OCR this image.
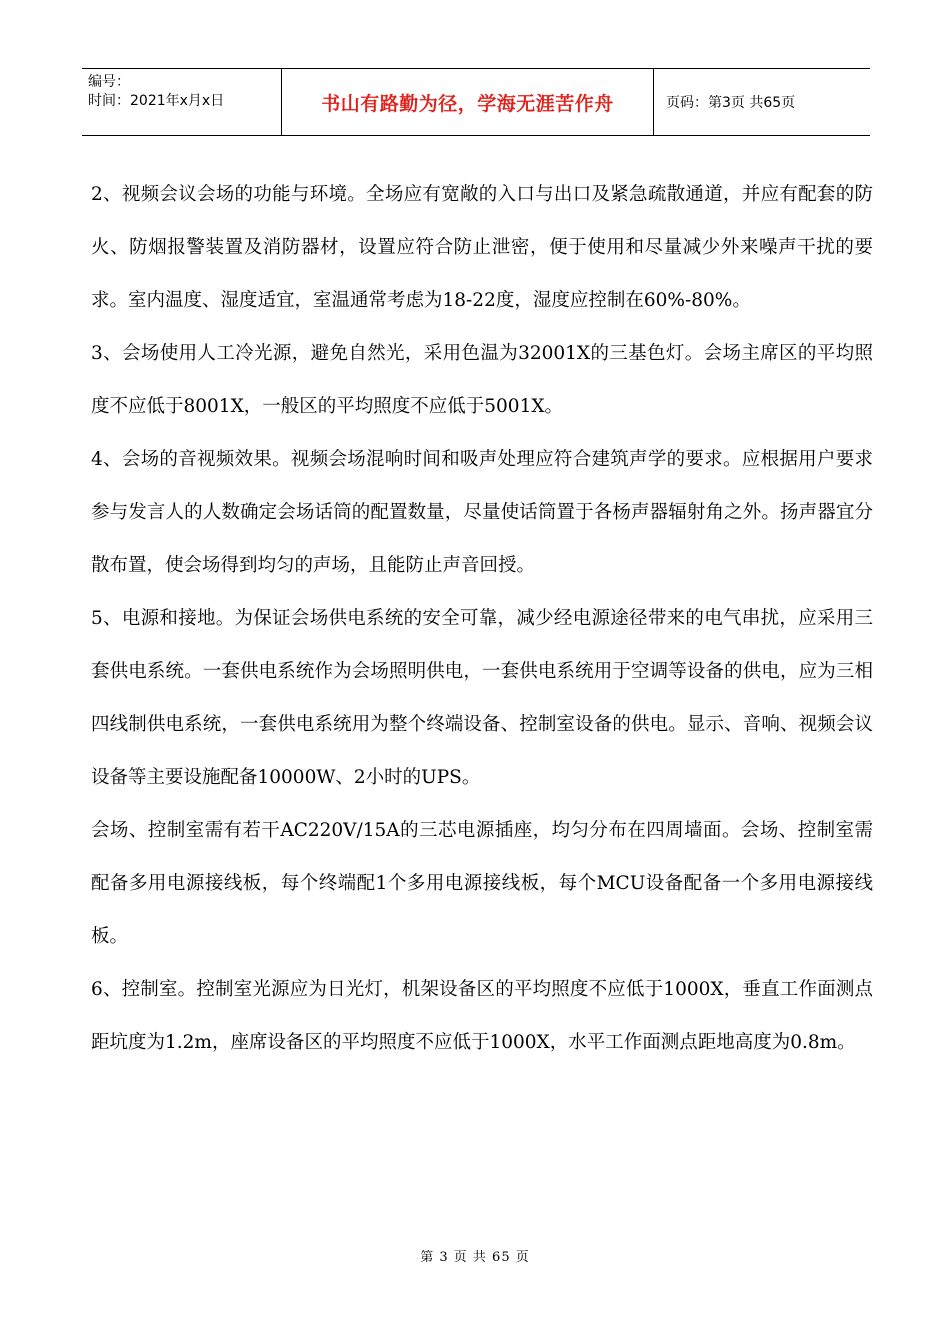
编号：
时间：2021年x月x日	书山有路勤为径，学海无涯苦作舟	页码：第3页 共65页

2、视频会议会场的功能与环境。全场应有宽敞的入口与出口及紧急疏散通道，并应有配套的防火、防烟报警装置及消防器材，设置应符合防止泄密，便于使用和尽量减少外来噪声干扰的要求。室内温度、湿度适宜，室温通常考虑为18-22度，湿度应控制在60%-80%。

3、会场使用人工冷光源，避免自然光，采用色温为32001X的三基色灯。会场主席区的平均照度不应低于8001X，一般区的平均照度不应低于5001X。

4、会场的音视频效果。视频会场混响时间和吸声处理应符合建筑声学的要求。应根据用户要求参与发言人的人数确定会场话筒的配置数量，尽量使话筒置于各杨声器辐射角之外。扬声器宜分散布置，使会场得到均匀的声场，且能防止声音回授。

5、电源和接地。为保证会场供电系统的安全可靠，减少经电源途径带来的电气串扰，应采用三套供电系统。一套供电系统作为会场照明供电，一套供电系统用于空调等设备的供电，应为三相四线制供电系统，一套供电系统用为整个终端设备、控制室设备的供电。显示、音响、视频会议设备等主要设施配备10000W、2小时的UPS。

会场、控制室需有若干AC220V/15A的三芯电源插座，均匀分布在四周墙面。会场、控制室需配备多用电源接线板，每个终端配1个多用电源接线板，每个MCU设备配备一个多用电源接线板。

6、控制室。控制室光源应为日光灯，机架设备区的平均照度不应低于1000X，垂直工作面测点距坑度为1.2m，座席设备区的平均照度不应低于1000X，水平工作面测点距地高度为0.8m。

第 3 页 共 65 页
